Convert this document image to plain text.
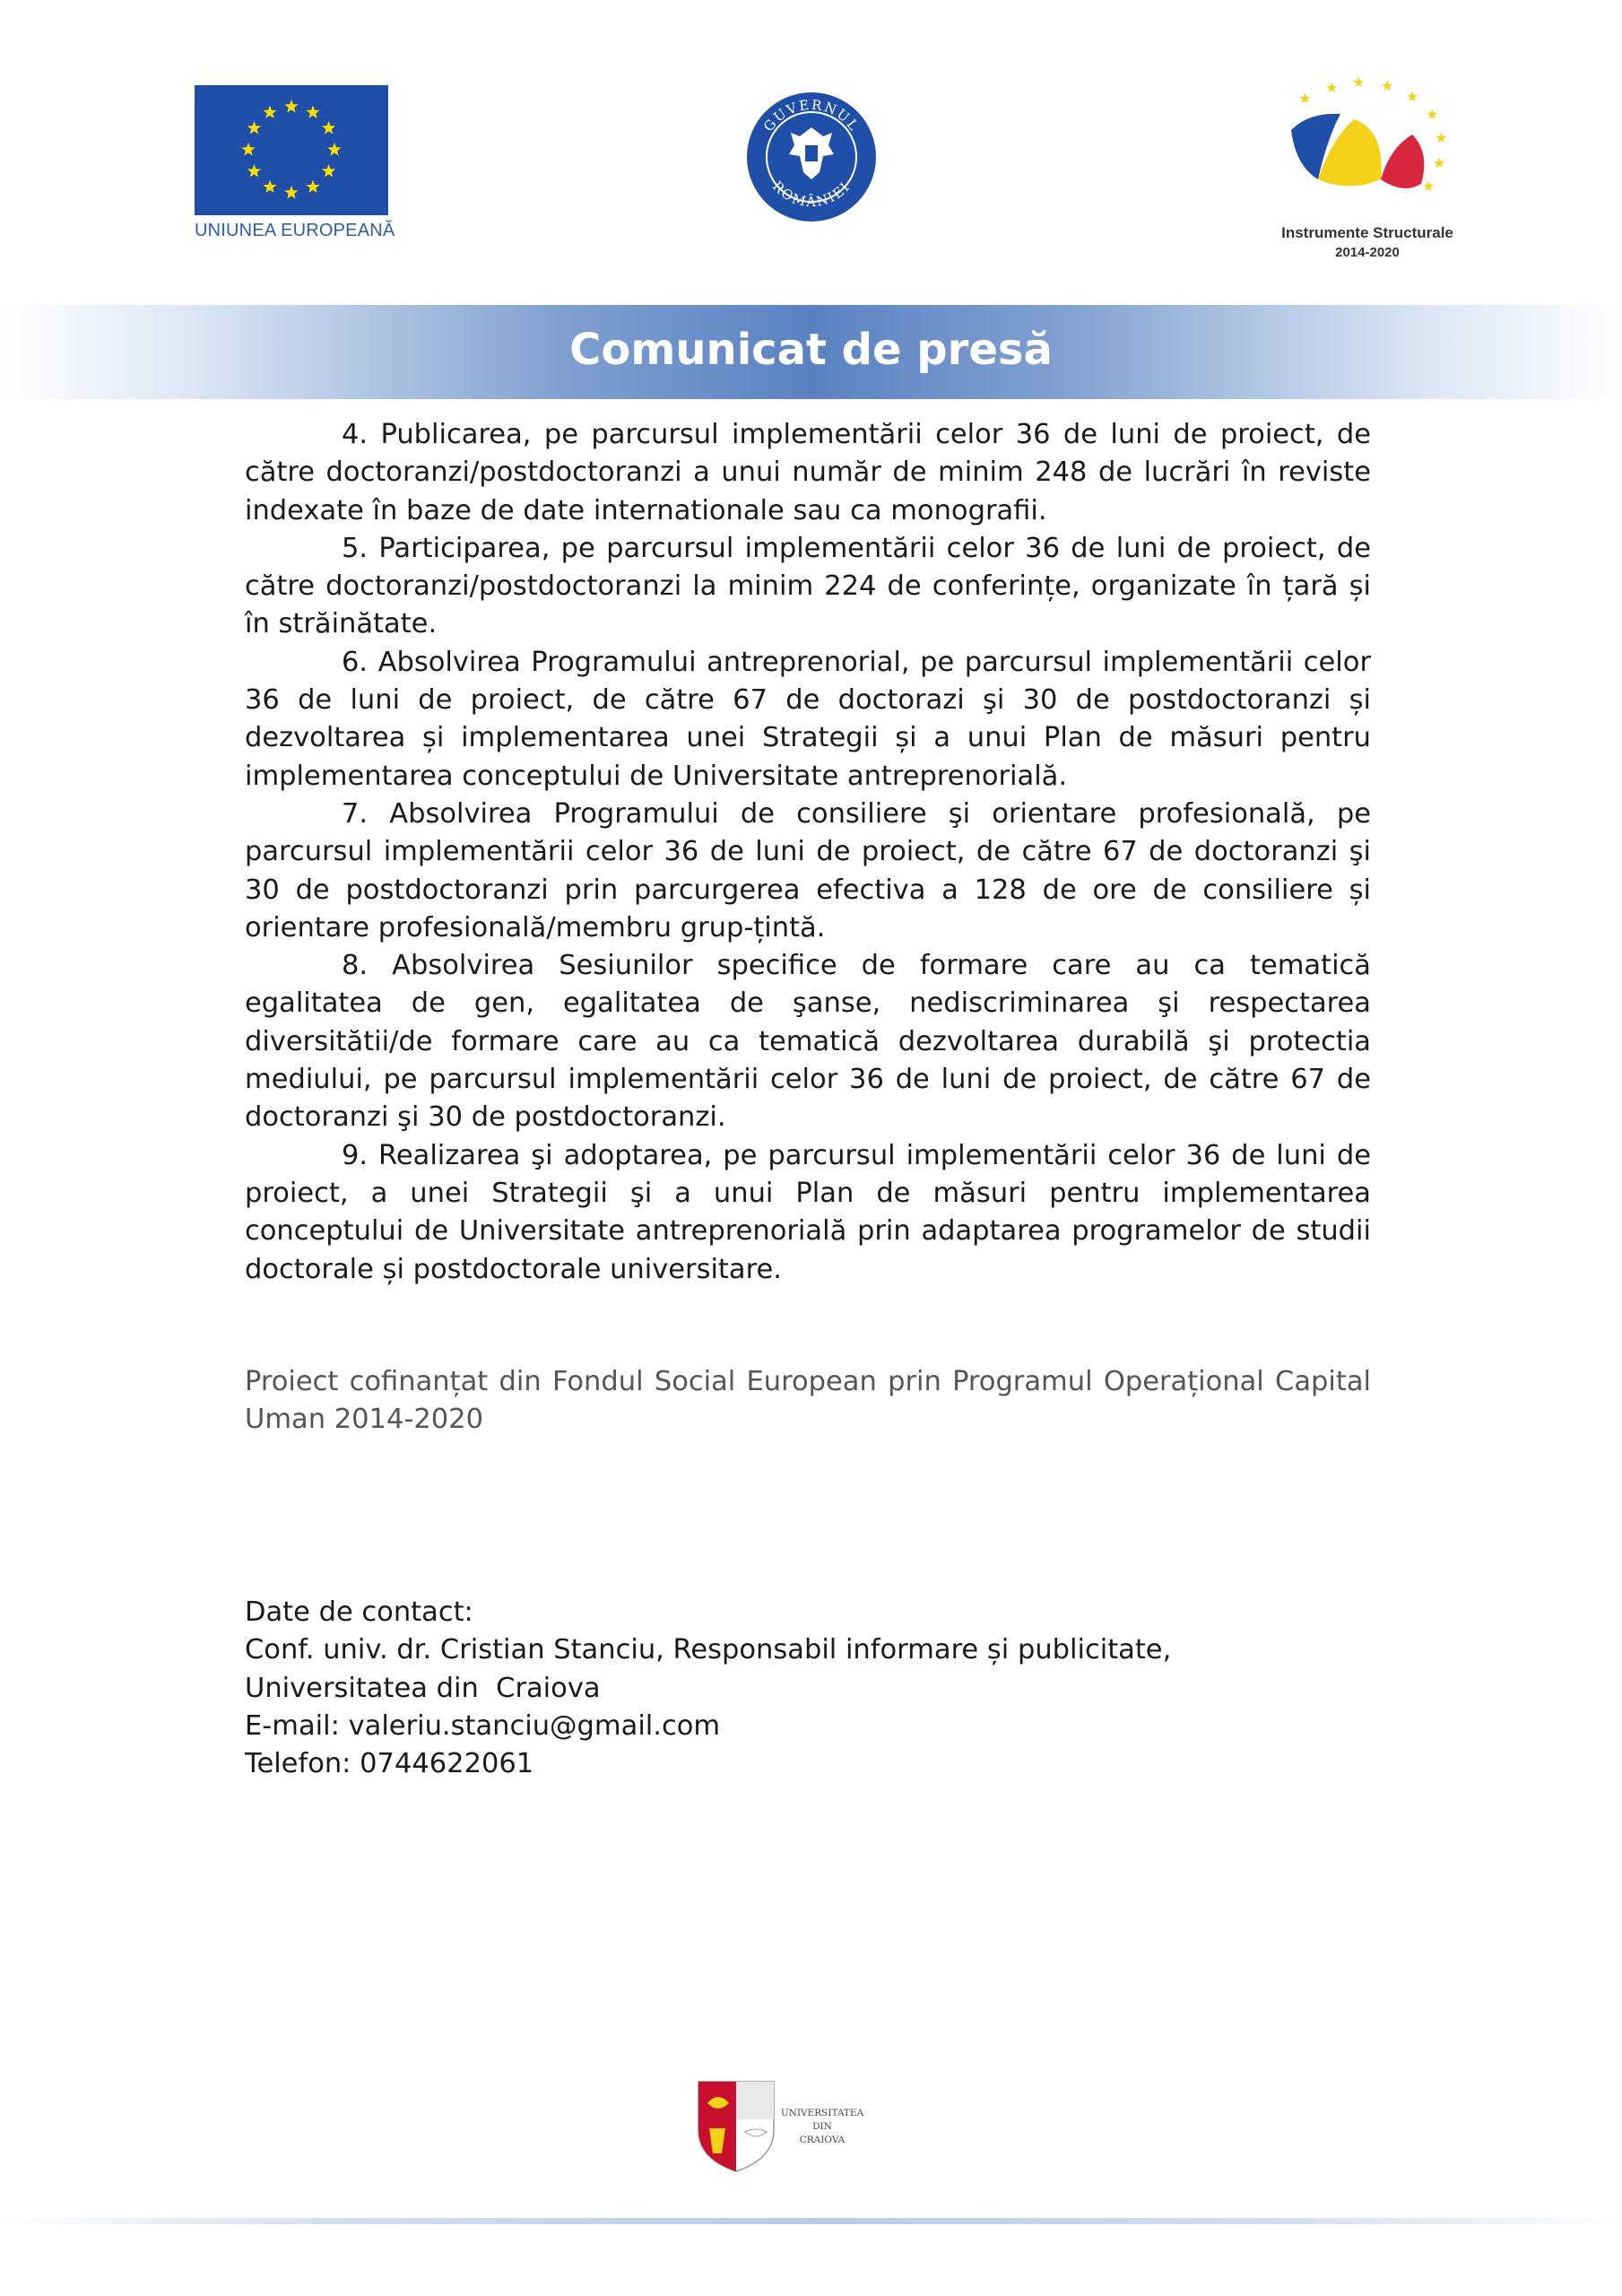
UNIUNEA EUROPEANĂ
GUVERNUL
ROMÂNIEI
★
★ ★ ★
★
★
★
★
★
Instrumente Structurale
2014-2020
Comunicat de presă

4. Publicarea, pe parcursul implementării celor 36 de luni de proiect, de către doctoranzi/postdoctoranzi a unui număr de minim 248 de lucrări în reviste indexate în baze de date internationale sau ca monografii.

5. Participarea, pe parcursul implementării celor 36 de luni de proiect, de către doctoranzi/postdoctoranzi la minim 224 de conferințe, organizate în țară și în străinătate.

6. Absolvirea Programului antreprenorial, pe parcursul implementării celor 36 de luni de proiect, de către 67 de doctorazi şi 30 de postdoctoranzi și dezvoltarea și implementarea unei Strategii și a unui Plan de măsuri pentru implementarea conceptului de Universitate antreprenorială.

7. Absolvirea Programului de consiliere şi orientare profesională, pe parcursul implementării celor 36 de luni de proiect, de către 67 de doctoranzi şi 30 de postdoctoranzi prin parcurgerea efectiva a 128 de ore de consiliere și orientare profesională/membru grup-țintă.

8. Absolvirea Sesiunilor specifice de formare care au ca tematică egalitatea de gen, egalitatea de şanse, nediscriminarea şi respectarea diversitătii/de formare care au ca tematică dezvoltarea durabilă şi protectia mediului, pe parcursul implementării celor 36 de luni de proiect, de către 67 de doctoranzi şi 30 de postdoctoranzi.

9. Realizarea şi adoptarea, pe parcursul implementării celor 36 de luni de proiect, a unei Strategii şi a unui Plan de măsuri pentru implementarea conceptului de Universitate antreprenorială prin adaptarea programelor de studii doctorale și postdoctorale universitare.

Proiect cofinanțat din Fondul Social European prin Programul Operațional Capital Uman 2014-2020
Date de contact:
Conf. univ. dr. Cristian Stanciu, Responsabil informare și publicitate,
Universitatea din  Craiova
E-mail: valeriu.stanciu@gmail.com
Telefon: 0744622061
UNIVERSITATEA
DIN
CRAIOVA
